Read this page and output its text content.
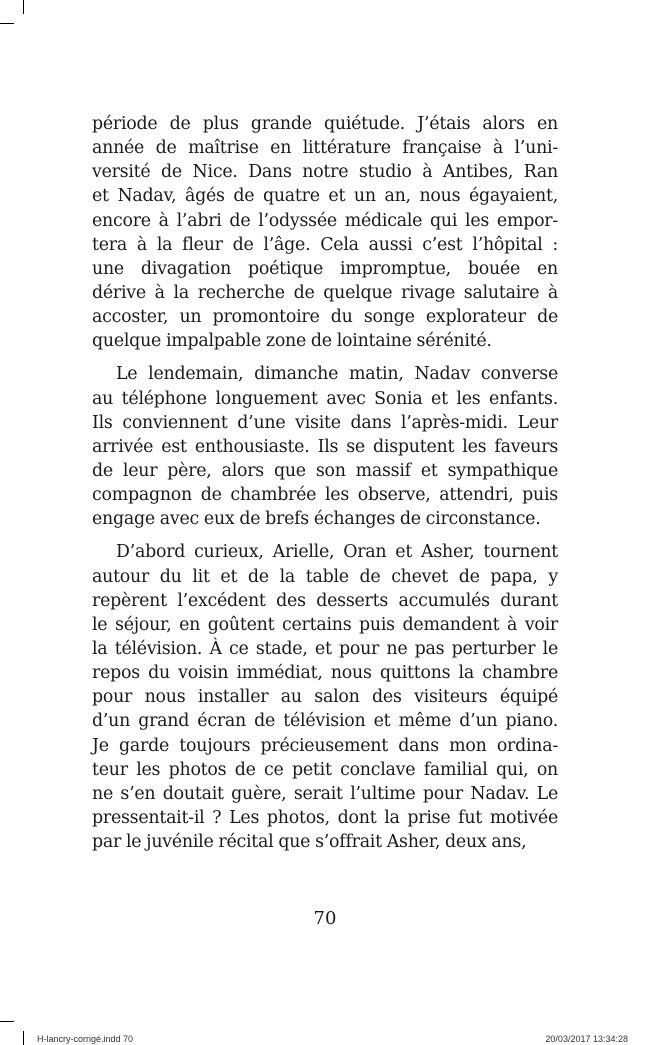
période de plus grande quiétude. J’étais alors en
année de maîtrise en littérature française à l’uni-
versité de Nice. Dans notre studio à Antibes, Ran
et Nadav, âgés de quatre et un an, nous égayaient,
encore à l’abri de l’odyssée médicale qui les empor-
tera à la fleur de l’âge. Cela aussi c’est l’hôpital :
une divagation poétique impromptue, bouée en
dérive à la recherche de quelque rivage salutaire à
accoster, un promontoire du songe explorateur de
quelque impalpable zone de lointaine sérénité.
Le lendemain, dimanche matin, Nadav converse
au téléphone longuement avec Sonia et les enfants.
Ils conviennent d’une visite dans l’après-midi. Leur
arrivée est enthousiaste. Ils se disputent les faveurs
de leur père, alors que son massif et sympathique
compagnon de chambrée les observe, attendri, puis
engage avec eux de brefs échanges de circonstance.
D’abord curieux, Arielle, Oran et Asher, tournent
autour du lit et de la table de chevet de papa, y
repèrent l’excédent des desserts accumulés durant
le séjour, en goûtent certains puis demandent à voir
la télévision. À ce stade, et pour ne pas perturber le
repos du voisin immédiat, nous quittons la chambre
pour nous installer au salon des visiteurs équipé
d’un grand écran de télévision et même d’un piano.
Je garde toujours précieusement dans mon ordina-
teur les photos de ce petit conclave familial qui, on
ne s’en doutait guère, serait l’ultime pour Nadav. Le
pressentait-il ? Les photos, dont la prise fut motivée
par le juvénile récital que s’offrait Asher, deux ans,
70
H-lancry-corrigé.indd 70	20/03/2017 13:34:28
